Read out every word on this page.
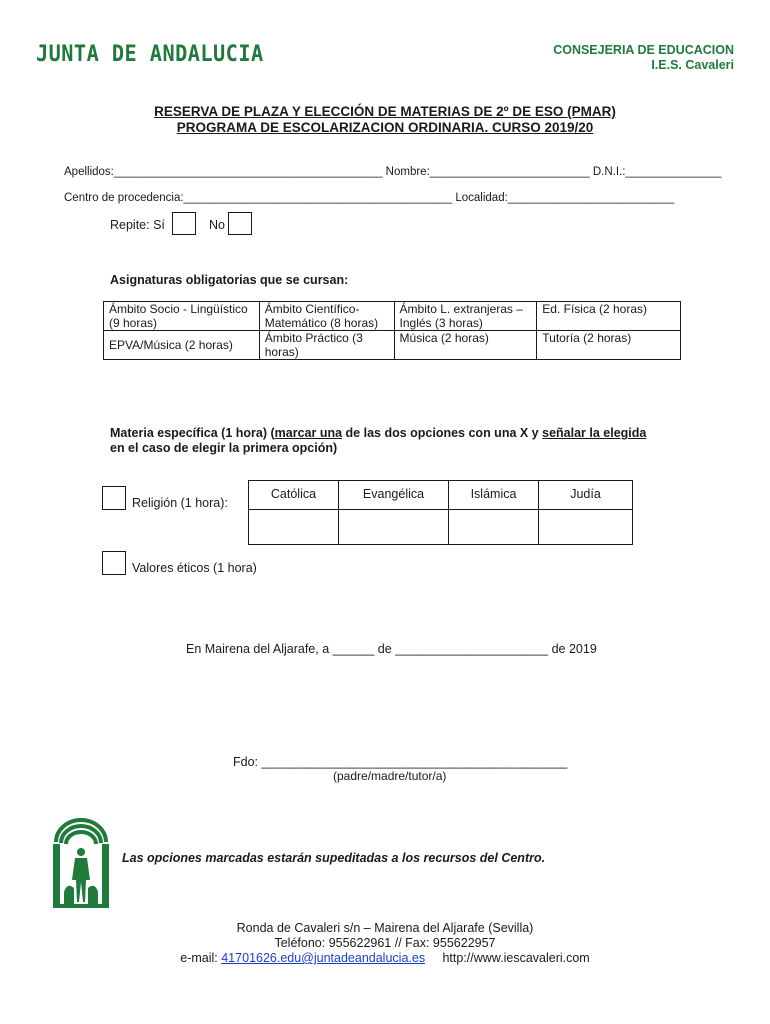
JUNTA DE ANDALUCIA	CONSEJERIA DE EDUCACION
I.E.S. Cavaleri
RESERVA DE PLAZA Y ELECCIÓN DE MATERIAS DE 2º DE ESO (PMAR)
PROGRAMA DE ESCOLARIZACION ORDINARIA. CURSO 2019/20
Apellidos:__________________________________________ Nombre:_________________________ D.N.I.:_______________
Centro de procedencia:__________________________________________ Localidad:__________________________
Repite: Sí	No
Asignaturas obligatorias que se cursan:
Ámbito Socio - Lingüístico (9 horas)	Ámbito Científico- Matemático (8 horas)	Ámbito L. extranjeras – Inglés (3 horas)	Ed. Física (2 horas)
EPVA/Música (2 horas)	Ámbito Práctico (3 horas)	Música (2 horas)	Tutoría (2 horas)
Materia específica (1 hora) (marcar una de las dos opciones con una X y señalar la elegida
en el caso de elegir la primera opción)
Religión (1 hora):
Católica	Evangélica	Islámica	Judía

Valores éticos (1 hora)
En Mairena del Aljarafe, a ______ de ______________________ de 2019
Fdo: ____________________________________________
(padre/madre/tutor/a)
Las opciones marcadas estarán supeditadas a los recursos del Centro.
Ronda de Cavaleri s/n – Mairena del Aljarafe (Sevilla)
Teléfono: 955622961 // Fax: 955622957
e-mail: 41701626.edu@juntadeandalucia.es http://www.iescavaleri.com
